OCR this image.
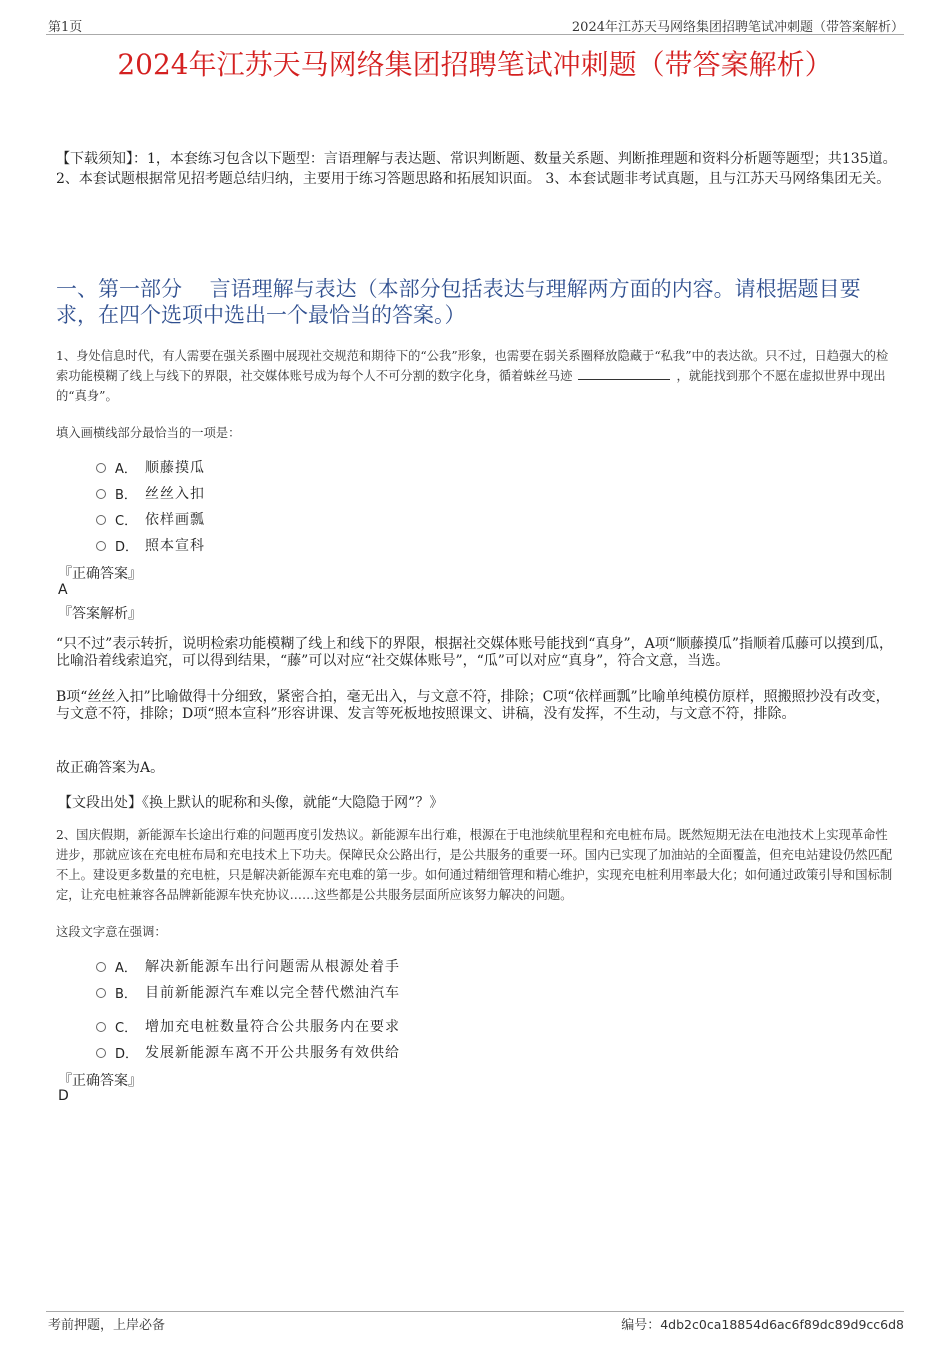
第1页	2024年江苏天马网络集团招聘笔试冲刺题（带答案解析）
2024年江苏天马网络集团招聘笔试冲刺题（带答案解析）
【下载须知】：1，本套练习包含以下题型：言语理解与表达题、常识判断题、数量关系题、判断推理题和资料分析题等题型；共135道。 2、本套试题根据常见招考题总结归纳，主要用于练习答题思路和拓展知识面。 3、本套试题非考试真题，且与江苏天马网络集团无关。
一、第一部分　 言语理解与表达（本部分包括表达与理解两方面的内容。请根据题目要求，在四个选项中选出一个最恰当的答案。）
1、身处信息时代，有人需要在强关系圈中展现社交规范和期待下的“公我”形象，也需要在弱关系圈释放隐藏于“私我”中的表达欲。只不过，日趋强大的检索功能模糊了线上与线下的界限，社交媒体账号成为每个人不可分割的数字化身，循着蛛丝马迹	，就能找到那个不愿在虚拟世界中现出的“真身”。
填入画横线部分最恰当的一项是：
A． 顺藤摸瓜
B． 丝丝入扣
C． 依样画瓢
D． 照本宣科
『正确答案』
A
『答案解析』
“只不过”表示转折，说明检索功能模糊了线上和线下的界限，根据社交媒体账号能找到“真身”，A项“顺藤摸瓜”指顺着瓜藤可以摸到瓜，比喻沿着线索追究，可以得到结果，“藤”可以对应“社交媒体账号”，“瓜”可以对应“真身”，符合文意，当选。
B项“丝丝入扣”比喻做得十分细致，紧密合拍，毫无出入，与文意不符，排除；C项“依样画瓢”比喻单纯模仿原样，照搬照抄没有改变，与文意不符，排除；D项“照本宣科”形容讲课、发言等死板地按照课文、讲稿，没有发挥，不生动，与文意不符，排除。
故正确答案为A。
【文段出处】《换上默认的昵称和头像，就能“大隐隐于网”？》
2、国庆假期，新能源车长途出行难的问题再度引发热议。新能源车出行难，根源在于电池续航里程和充电桩布局。既然短期无法在电池技术上实现革命性进步，那就应该在充电桩布局和充电技术上下功夫。保障民众公路出行，是公共服务的重要一环。国内已实现了加油站的全面覆盖，但充电站建设仍然匹配不上。建设更多数量的充电桩，只是解决新能源车充电难的第一步。如何通过精细管理和精心维护，实现充电桩利用率最大化；如何通过政策引导和国标制定，让充电桩兼容各品牌新能源车快充协议……这些都是公共服务层面所应该努力解决的问题。
这段文字意在强调：
A． 解决新能源车出行问题需从根源处着手
B． 目前新能源汽车难以完全替代燃油汽车
C． 增加充电桩数量符合公共服务内在要求
D． 发展新能源车离不开公共服务有效供给
『正确答案』
D
考前押题，上岸必备	编号：4db2c0ca18854d6ac6f89dc89d9cc6d8
